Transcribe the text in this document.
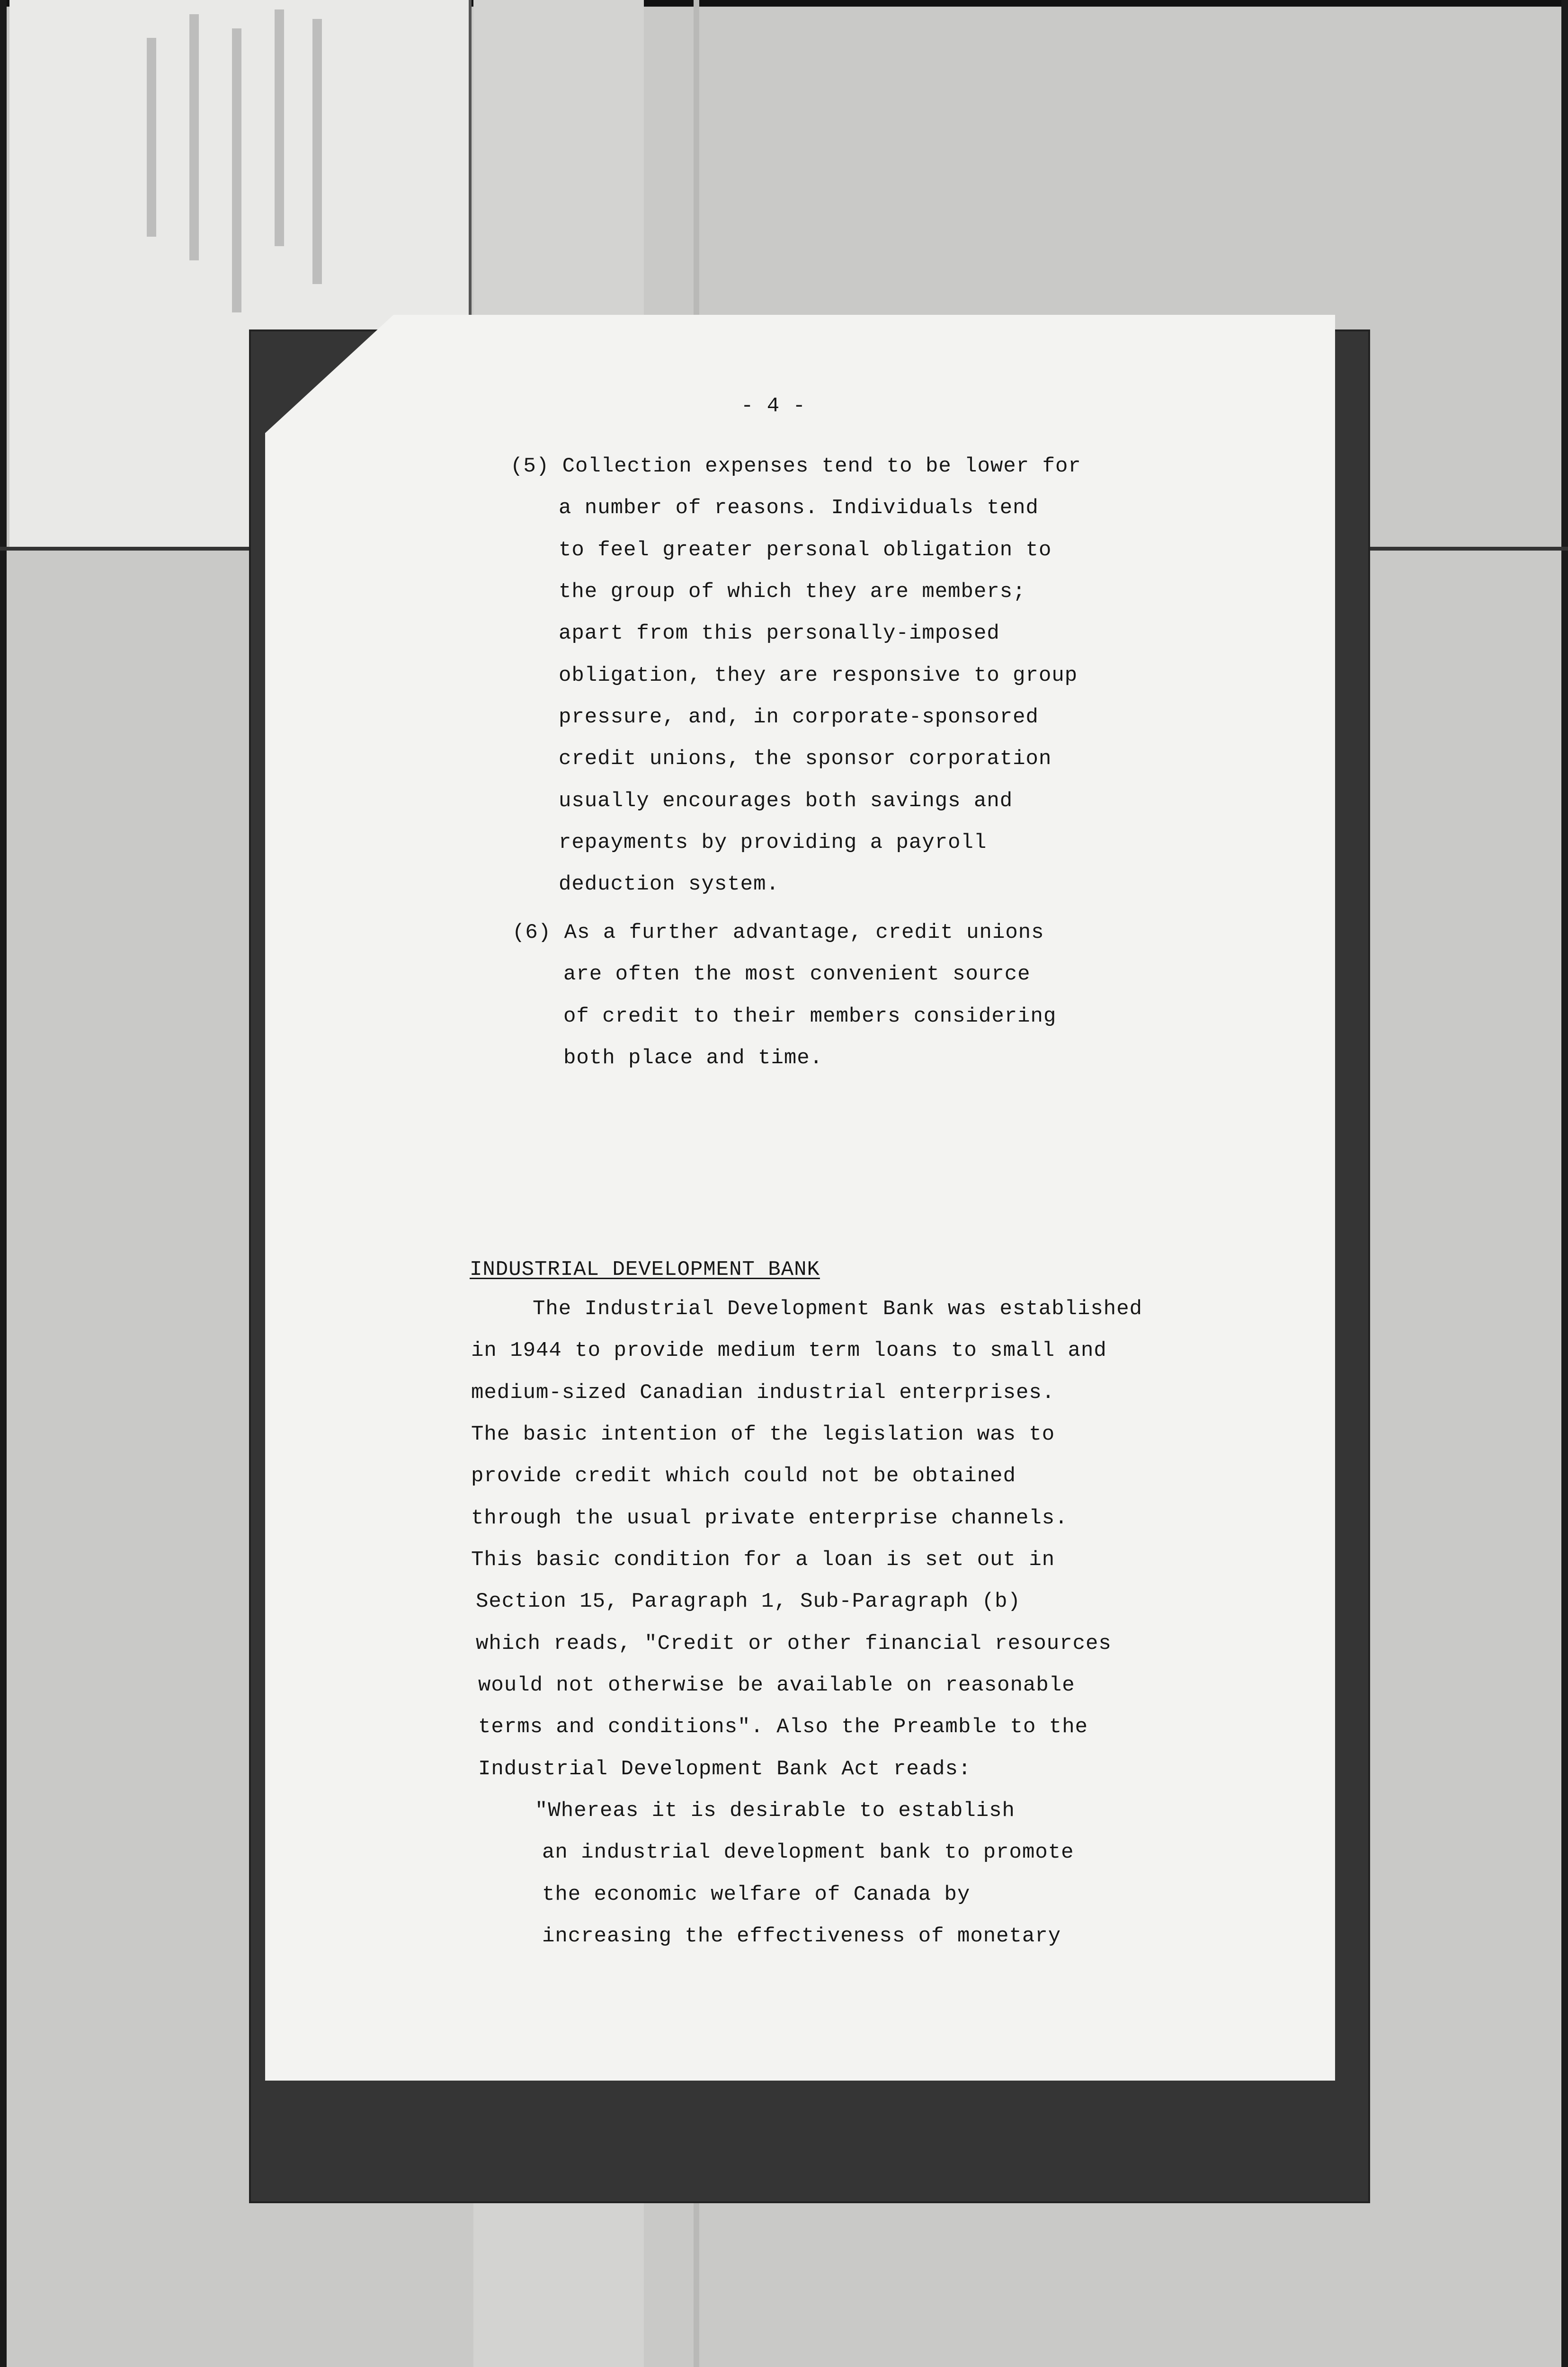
- 4 -
(5) Collection expenses tend to be lower for
a number of reasons. Individuals tend
to feel greater personal obligation to
the group of which they are members;
apart from this personally-imposed
obligation, they are responsive to group
pressure, and, in corporate-sponsored
credit unions, the sponsor corporation
usually encourages both savings and
repayments by providing a payroll
deduction system.
(6) As a further advantage, credit unions
are often the most convenient source
of credit to their members considering
both place and time.
INDUSTRIAL DEVELOPMENT BANK
The Industrial Development Bank was established
in 1944 to provide medium term loans to small and
medium-sized Canadian industrial enterprises.
The basic intention of the legislation was to
provide credit which could not be obtained
through the usual private enterprise channels.
This basic condition for a loan is set out in
Section 15, Paragraph 1, Sub-Paragraph (b)
which reads, "Credit or other financial resources
would not otherwise be available on reasonable
terms and conditions". Also the Preamble to the
Industrial Development Bank Act reads:
"Whereas it is desirable to establish
an industrial development bank to promote
the economic welfare of Canada by
increasing the effectiveness of monetary
